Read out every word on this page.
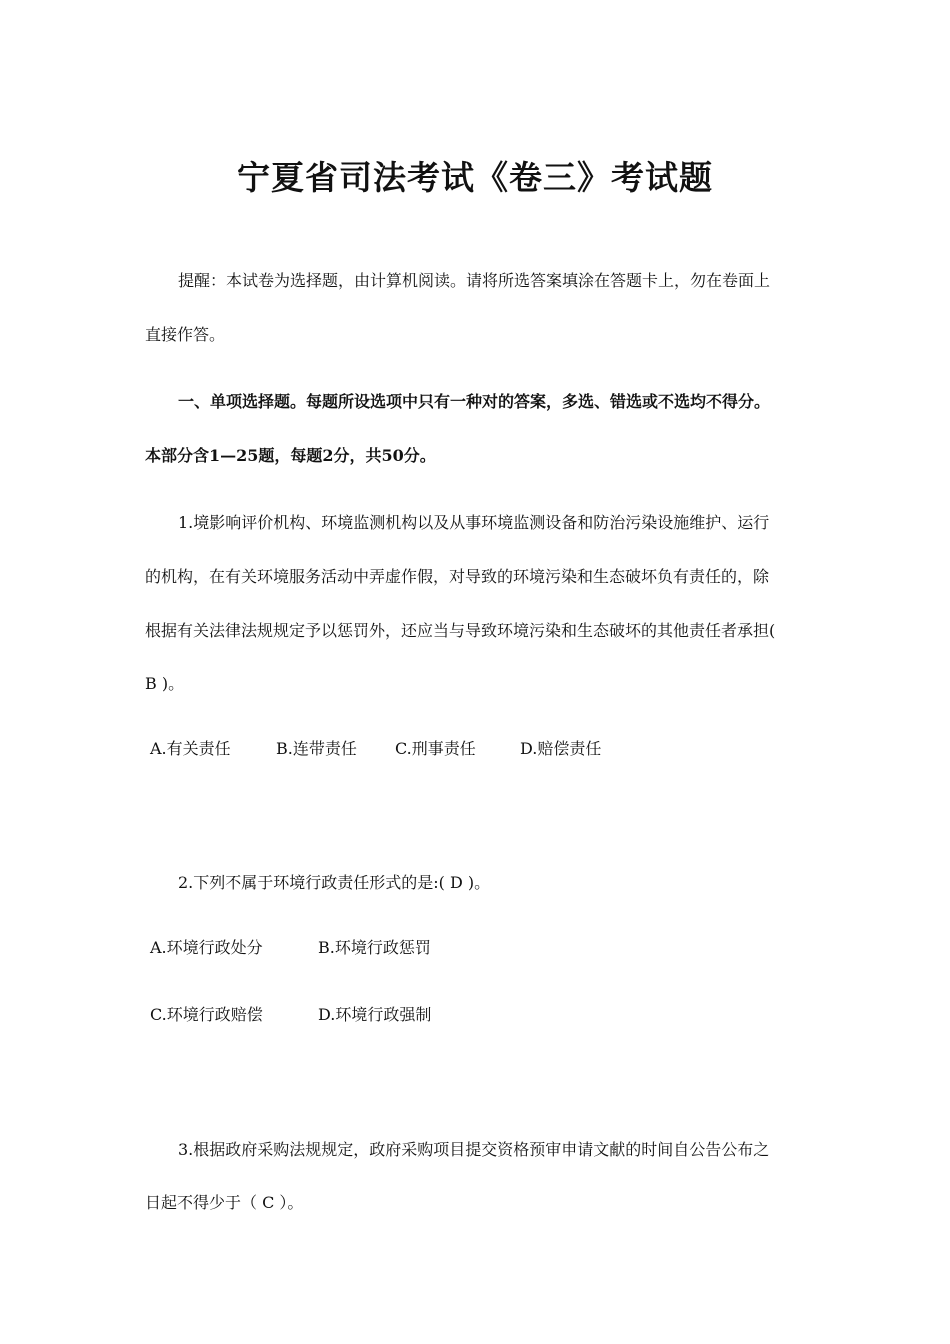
宁夏省司法考试《卷三》考试题

提醒：本试卷为选择题，由计算机阅读。请将所选答案填涂在答题卡上，勿在卷面上

直接作答。

一、单项选择题。每题所设选项中只有一种对的答案，多选、错选或不选均不得分。

本部分含1—25题，每题2分，共50分。

1.境影响评价机构、环境监测机构以及从事环境监测设备和防治污染设施维护、运行

的机构，在有关环境服务活动中弄虚作假，对导致的环境污染和生态破坏负有责任的，除

根据有关法律法规规定予以惩罚外，还应当与导致环境污染和生态破坏的其他责任者承担(

B )。

A.有关责任	B.连带责任 C.刑事责任	D.赔偿责任

2.下列不属于环境行政责任形式的是:( D )。

A.环境行政处分	B.环境行政惩罚
C.环境行政赔偿	D.环境行政强制

3.根据政府采购法规规定，政府采购项目提交资格预审申请文献的时间自公告公布之

日起不得少于（ C ）。
